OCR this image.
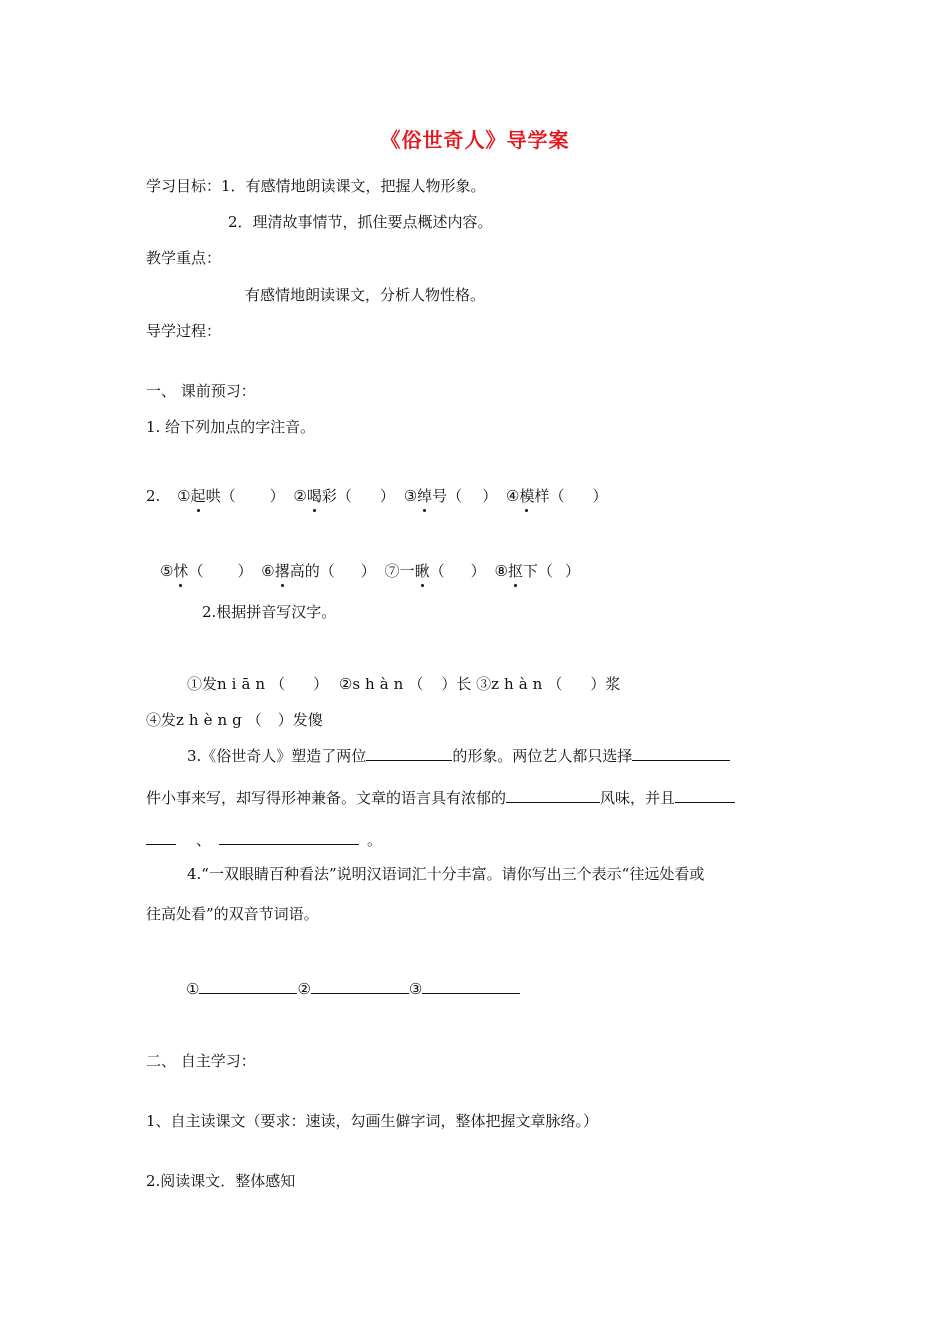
《俗世奇人》导学案
学习目标：1．有感情地朗读课文，把握人物形象。
2．理清故事情节，抓住要点概述内容。
教学重点：
有感情地朗读课文，分析人物性格。
导学过程：
一、 课前预习：
1. 给下列加点的字注音。
2. ①起哄（ ） ②喝彩（ ） ③绰号（ ） ④模样（ ）
⑤怵（ ） ⑥撂高的（ ） ⑦一瞅（ ） ⑧抠下（ ）
2.根据拼音写汉字。
①发niān（ ） ②shàn（ ）长 ③zhàn（ ）浆
④发zhèng（ ）发傻
3.《俗世奇人》塑造了两位	的形象。两位艺人都只选择
件小事来写，却写得形神兼备。文章的语言具有浓郁的	风味，并且
、	。
4.“一双眼睛百种看法”说明汉语词汇十分丰富。请你写出三个表示“往远处看或
往高处看”的双音节词语。
①	②	③
二、 自主学习：
1、自主读课文（要求：速读，勾画生僻字词，整体把握文章脉络。）
2.阅读课文．整体感知
